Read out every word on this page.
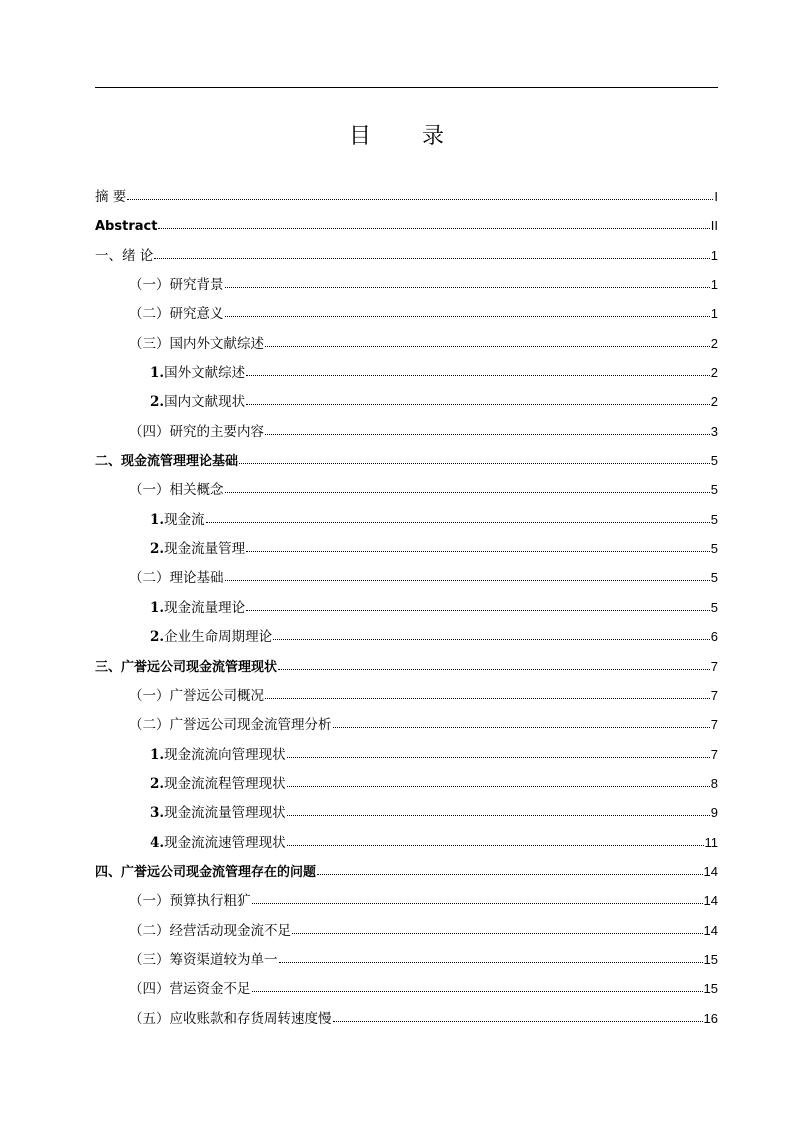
目 录
摘 要	I
Abstract	II
一、绪 论	1
（一）研究背景	1
（二）研究意义	1
（三）国内外文献综述	2
1.国外文献综述	2
2.国内文献现状	2
（四）研究的主要内容	3
二、现金流管理理论基础	5
（一）相关概念	5
1.现金流	5
2.现金流量管理	5
（二）理论基础	5
1.现金流量理论	5
2.企业生命周期理论	6
三、广誉远公司现金流管理现状	7
（一）广誉远公司概况	7
（二）广誉远公司现金流管理分析	7
1.现金流流向管理现状	7
2.现金流流程管理现状	8
3.现金流流量管理现状	9
4.现金流流速管理现状	11
四、广誉远公司现金流管理存在的问题	14
（一）预算执行粗犷	14
（二）经营活动现金流不足	14
（三）筹资渠道较为单一	15
（四）营运资金不足	15
（五）应收账款和存货周转速度慢	16
